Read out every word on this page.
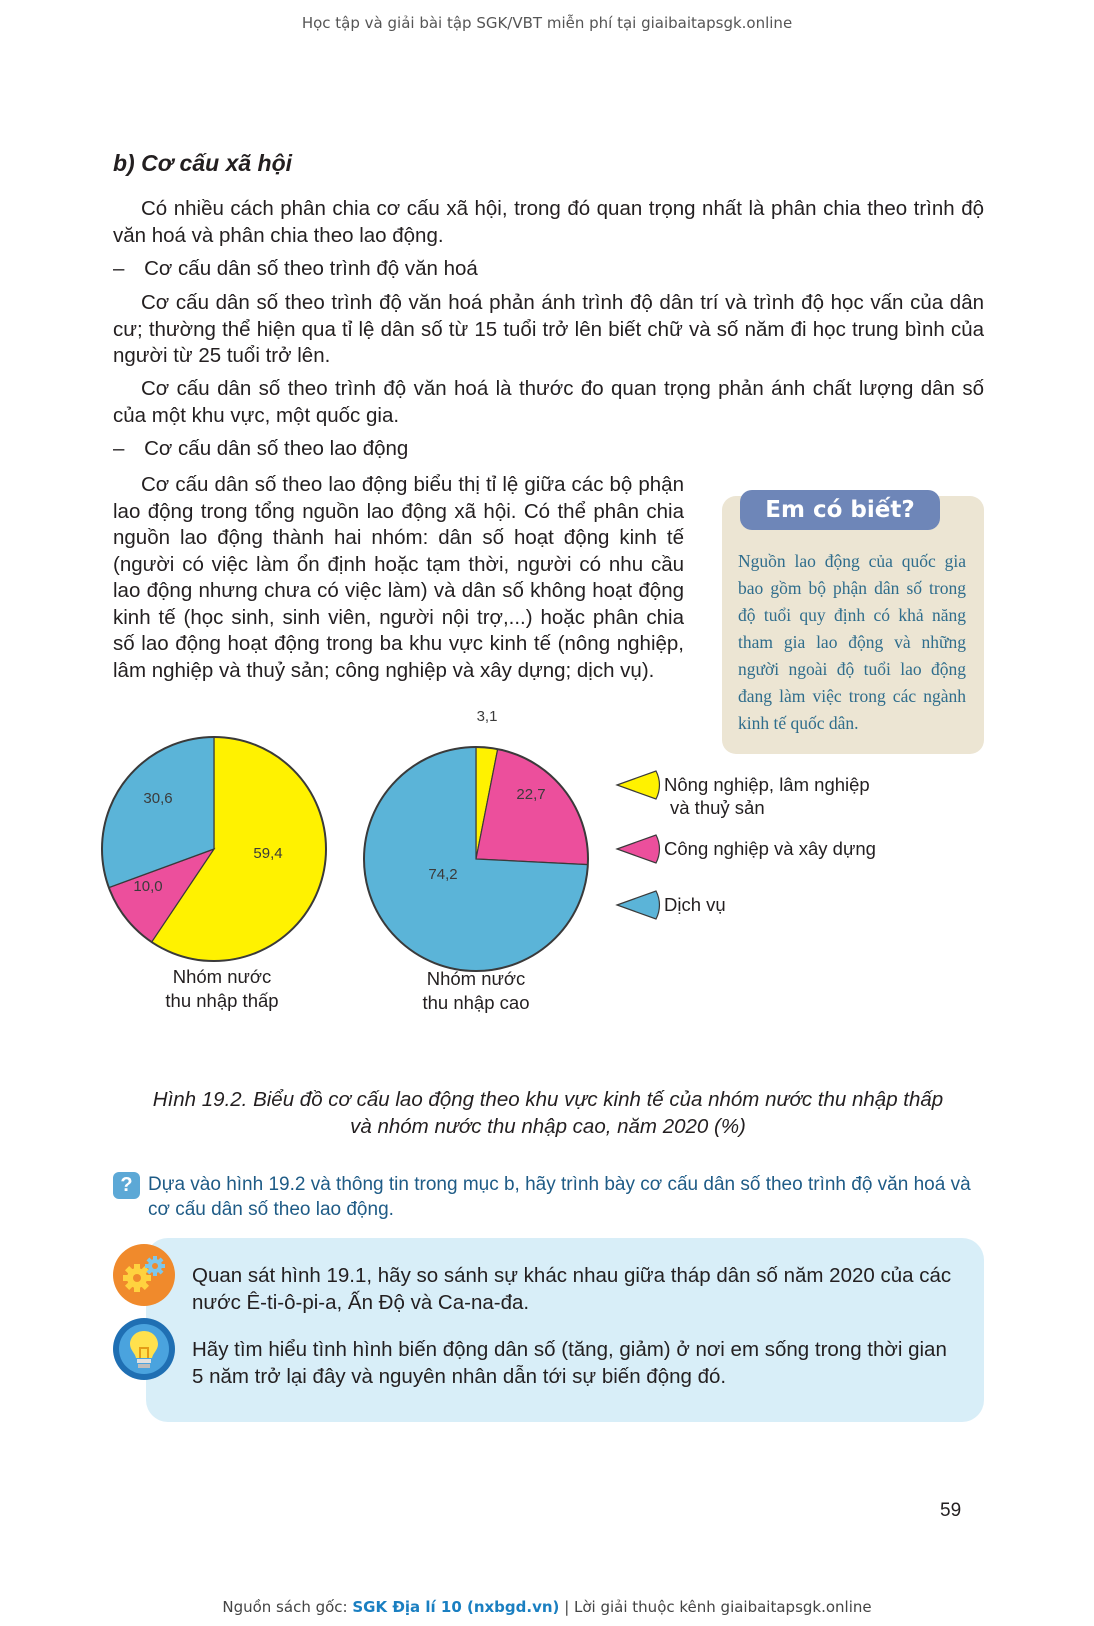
Học tập và giải bài tập SGK/VBT miễn phí tại giaibaitapsgk.online
b) Cơ cấu xã hội
Có nhiều cách phân chia cơ cấu xã hội, trong đó quan trọng nhất là phân chia theo trình độ văn hoá và phân chia theo lao động.
– Cơ cấu dân số theo trình độ văn hoá
Cơ cấu dân số theo trình độ văn hoá phản ánh trình độ dân trí và trình độ học vấn của dân cư; thường thể hiện qua tỉ lệ dân số từ 15 tuổi trở lên biết chữ và số năm đi học trung bình của người từ 25 tuổi trở lên.
Cơ cấu dân số theo trình độ văn hoá là thước đo quan trọng phản ánh chất lượng dân số của một khu vực, một quốc gia.
– Cơ cấu dân số theo lao động
Cơ cấu dân số theo lao động biểu thị tỉ lệ giữa các bộ phận lao động trong tổng nguồn lao động xã hội. Có thể phân chia nguồn lao động thành hai nhóm: dân số hoạt động kinh tế (người có việc làm ổn định hoặc tạm thời, người có nhu cầu lao động nhưng chưa có việc làm) và dân số không hoạt động kinh tế (học sinh, sinh viên, người nội trợ,...) hoặc phân chia số lao động hoạt động trong ba khu vực kinh tế (nông nghiệp, lâm nghiệp và thuỷ sản; công nghiệp và xây dựng; dịch vụ).
Em có biết?
Nguồn lao động của quốc gia bao gồm bộ phận dân số trong độ tuổi quy định có khả năng tham gia lao động và những người ngoài độ tuổi lao động đang làm việc trong các ngành kinh tế quốc dân.
59,4
10,0
30,6
Nhóm nước
thu nhập thấp
3,1
22,7
74,2
Nhóm nước
thu nhập cao
Nông nghiệp, lâm nghiệp
và thuỷ sản
Công nghiệp và xây dựng
Dịch vụ
Hình 19.2. Biểu đồ cơ cấu lao động theo khu vực kinh tế của nhóm nước thu nhập thấp
và nhóm nước thu nhập cao, năm 2020 (%)
? Dựa vào hình 19.2 và thông tin trong mục b, hãy trình bày cơ cấu dân số theo trình độ văn hoá và cơ cấu dân số theo lao động.
Quan sát hình 19.1, hãy so sánh sự khác nhau giữa tháp dân số năm 2020 của các nước Ê-ti-ô-pi-a, Ấn Độ và Ca-na-đa.
Hãy tìm hiểu tình hình biến động dân số (tăng, giảm) ở nơi em sống trong thời gian 5 năm trở lại đây và nguyên nhân dẫn tới sự biến động đó.
59
Nguồn sách gốc: SGK Địa lí 10 (nxbgd.vn) | Lời giải thuộc kênh giaibaitapsgk.online
